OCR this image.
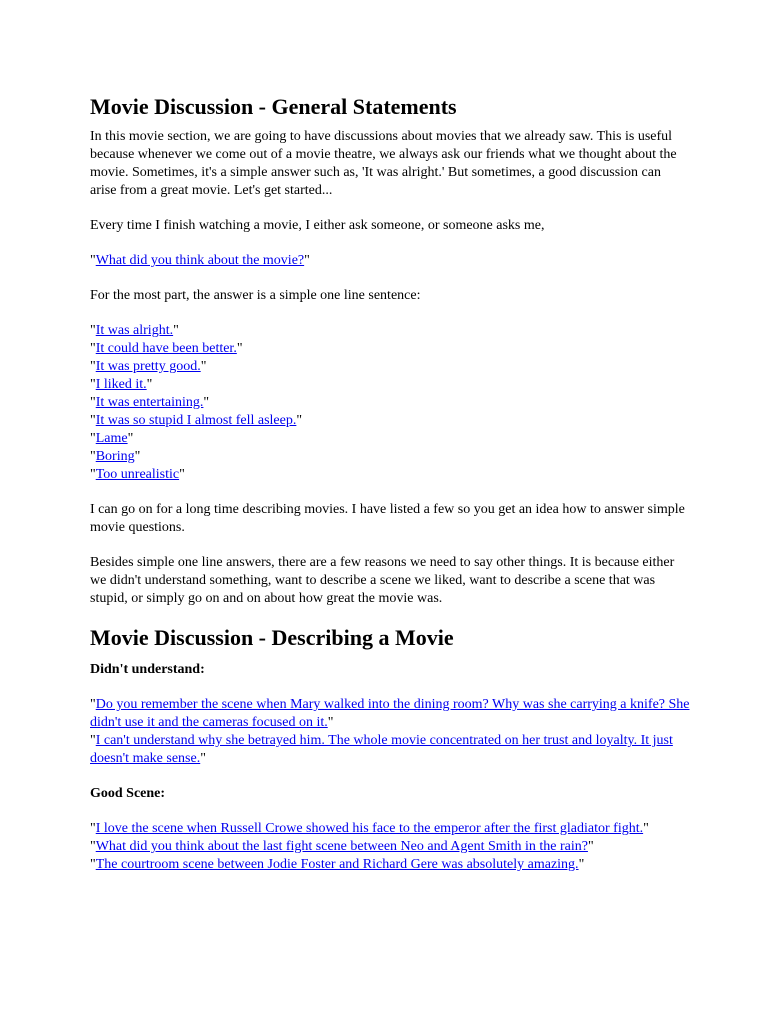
Movie Discussion - General Statements

In this movie section, we are going to have discussions about movies that we already saw. This is useful because whenever we come out of a movie theatre, we always ask our friends what we thought about the movie. Sometimes, it's a simple answer such as, 'It was alright.' But sometimes, a good discussion can arise from a great movie. Let's get started...

Every time I finish watching a movie, I either ask someone, or someone asks me,

"What did you think about the movie?"

For the most part, the answer is a simple one line sentence:

"It was alright."
"It could have been better."
"It was pretty good."
"I liked it."
"It was entertaining."
"It was so stupid I almost fell asleep."
"Lame"
"Boring"
"Too unrealistic"

I can go on for a long time describing movies. I have listed a few so you get an idea how to answer simple movie questions.

Besides simple one line answers, there are a few reasons we need to say other things. It is because either we didn't understand something, want to describe a scene we liked, want to describe a scene that was stupid, or simply go on and on about how great the movie was.

Movie Discussion - Describing a Movie

Didn't understand:

"Do you remember the scene when Mary walked into the dining room? Why was she carrying a knife? She didn't use it and the cameras focused on it."
"I can't understand why she betrayed him. The whole movie concentrated on her trust and loyalty. It just doesn't make sense."

Good Scene:

"I love the scene when Russell Crowe showed his face to the emperor after the first gladiator fight."
"What did you think about the last fight scene between Neo and Agent Smith in the rain?"
"The courtroom scene between Jodie Foster and Richard Gere was absolutely amazing."
